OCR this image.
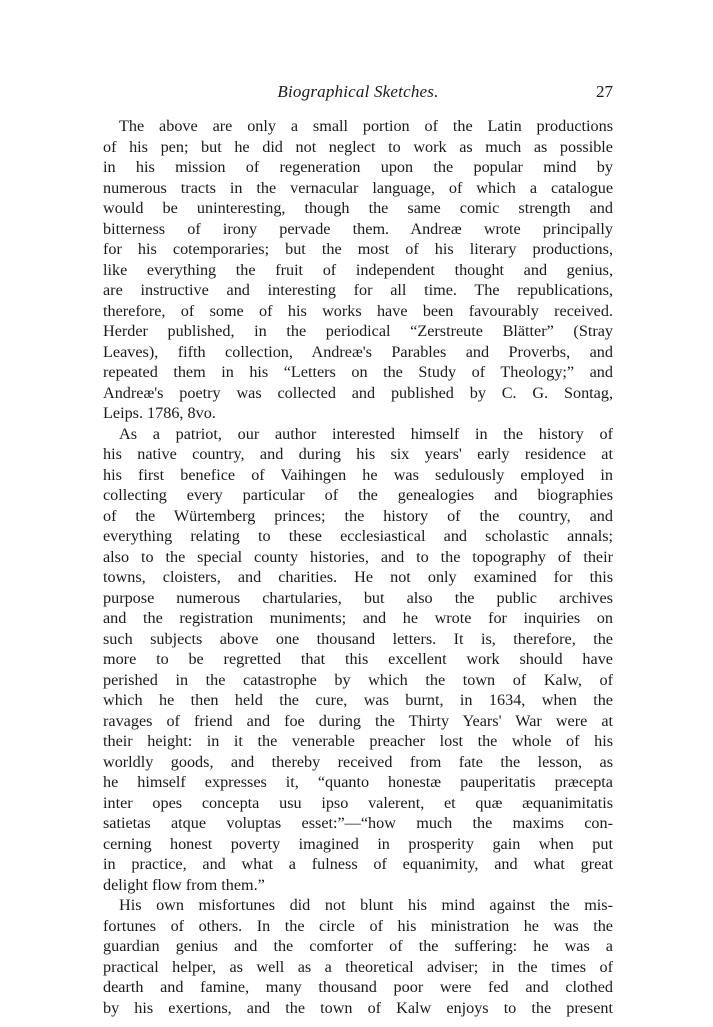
Biographical Sketches.	27
The above are only a small portion of the Latin productions
of his pen; but he did not neglect to work as much as possible
in his mission of regeneration upon the popular mind by
numerous tracts in the vernacular language, of which a catalogue
would be uninteresting, though the same comic strength and
bitterness of irony pervade them. Andreæ wrote principally
for his cotemporaries; but the most of his literary productions,
like everything the fruit of independent thought and genius,
are instructive and interesting for all time. The republications,
therefore, of some of his works have been favourably received.
Herder published, in the periodical “Zerstreute Blätter” (Stray
Leaves), fifth collection, Andreæ's Parables and Proverbs, and
repeated them in his “Letters on the Study of Theology;” and
Andreæ's poetry was collected and published by C. G. Sontag,
Leips. 1786, 8vo.
As a patriot, our author interested himself in the history of
his native country, and during his six years' early residence at
his first benefice of Vaihingen he was sedulously employed in
collecting every particular of the genealogies and biographies
of the Würtemberg princes; the history of the country, and
everything relating to these ecclesiastical and scholastic annals;
also to the special county histories, and to the topography of their
towns, cloisters, and charities. He not only examined for this
purpose numerous chartularies, but also the public archives
and the registration muniments; and he wrote for inquiries on
such subjects above one thousand letters. It is, therefore, the
more to be regretted that this excellent work should have
perished in the catastrophe by which the town of Kalw, of
which he then held the cure, was burnt, in 1634, when the
ravages of friend and foe during the Thirty Years' War were at
their height: in it the venerable preacher lost the whole of his
worldly goods, and thereby received from fate the lesson, as
he himself expresses it, “quanto honestæ pauperitatis præcepta
inter opes concepta usu ipso valerent, et quæ æquanimitatis
satietas atque voluptas esset:”—“how much the maxims con-
cerning honest poverty imagined in prosperity gain when put
in practice, and what a fulness of equanimity, and what great
delight flow from them.”
His own misfortunes did not blunt his mind against the mis-
fortunes of others. In the circle of his ministration he was the
guardian genius and the comforter of the suffering: he was a
practical helper, as well as a theoretical adviser; in the times of
dearth and famine, many thousand poor were fed and clothed
by his exertions, and the town of Kalw enjoys to the present
